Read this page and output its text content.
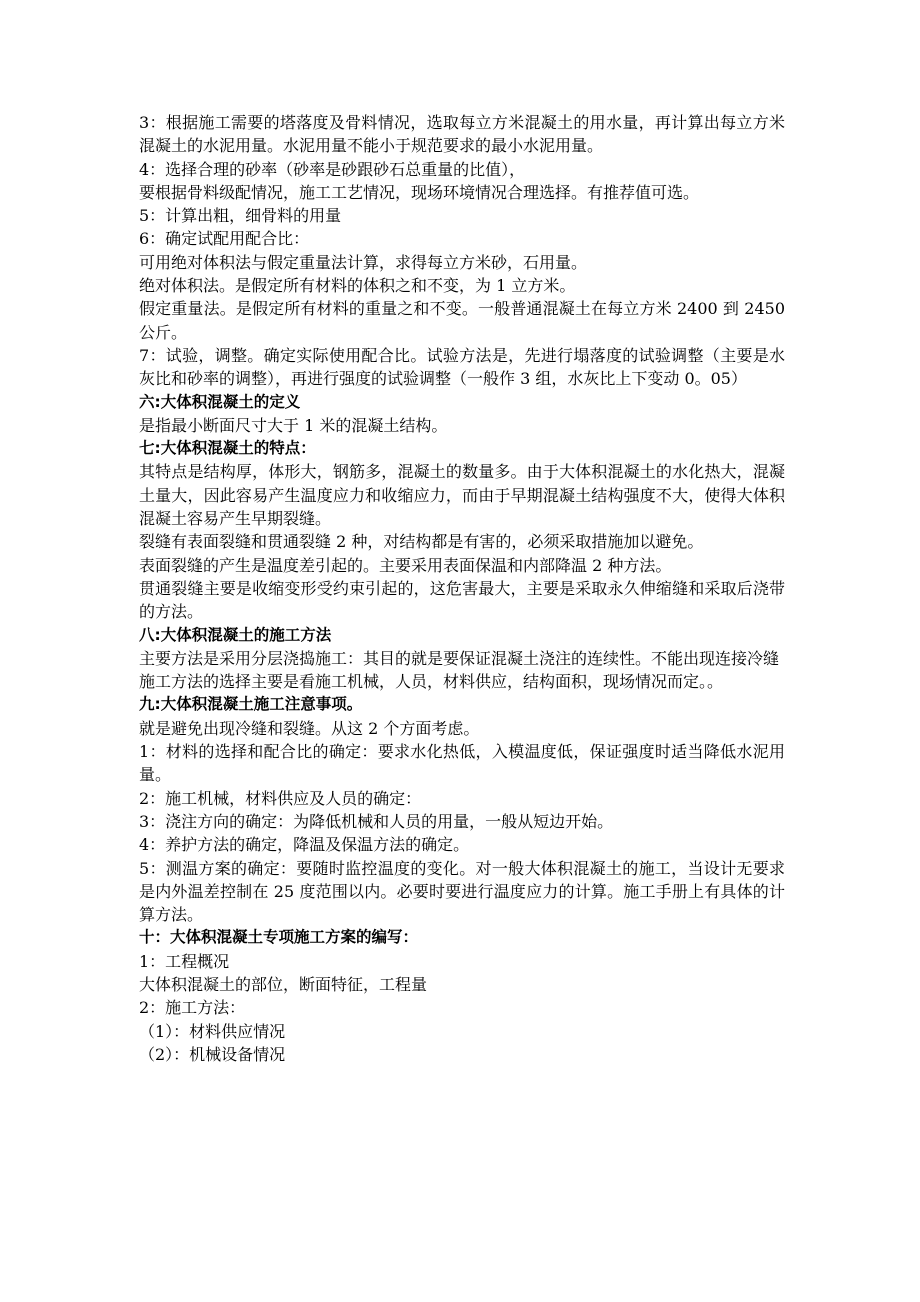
3：根据施工需要的塔落度及骨料情况，选取每立方米混凝土的用水量，再计算出每立方米混凝土的水泥用量。水泥用量不能小于规范要求的最小水泥用量。

4：选择合理的砂率（砂率是砂跟砂石总重量的比值），

要根据骨料级配情况，施工工艺情况，现场环境情况合理选择。有推荐值可选。

5：计算出粗，细骨料的用量

6：确定试配用配合比：

可用绝对体积法与假定重量法计算，求得每立方米砂，石用量。

绝对体积法。是假定所有材料的体积之和不变，为 1 立方米。

假定重量法。是假定所有材料的重量之和不变。一般普通混凝土在每立方米 2400 到 2450 公斤。

7：试验，调整。确定实际使用配合比。试验方法是，先进行塌落度的试验调整（主要是水灰比和砂率的调整），再进行强度的试验调整（一般作 3 组，水灰比上下变动 0。05）

六:大体积混凝土的定义

是指最小断面尺寸大于 1 米的混凝土结构。

七:大体积混凝土的特点：

其特点是结构厚，体形大，钢筋多，混凝土的数量多。由于大体积混凝土的水化热大，混凝土量大，因此容易产生温度应力和收缩应力，而由于早期混凝土结构强度不大，使得大体积混凝土容易产生早期裂缝。

裂缝有表面裂缝和贯通裂缝 2 种，对结构都是有害的，必须采取措施加以避免。

表面裂缝的产生是温度差引起的。主要采用表面保温和内部降温 2 种方法。

贯通裂缝主要是收缩变形受约束引起的，这危害最大，主要是采取永久伸缩缝和采取后浇带的方法。

八:大体积混凝土的施工方法

主要方法是采用分层浇捣施工：其目的就是要保证混凝土浇注的连续性。不能出现连接冷缝

施工方法的选择主要是看施工机械，人员，材料供应，结构面积，现场情况而定。。

九:大体积混凝土施工注意事项。

就是避免出现冷缝和裂缝。从这 2 个方面考虑。

1：材料的选择和配合比的确定：要求水化热低，入模温度低，保证强度时适当降低水泥用量。

2：施工机械，材料供应及人员的确定：

3：浇注方向的确定：为降低机械和人员的用量，一般从短边开始。

4：养护方法的确定，降温及保温方法的确定。

5：测温方案的确定：要随时监控温度的变化。对一般大体积混凝土的施工，当设计无要求是内外温差控制在 25 度范围以内。必要时要进行温度应力的计算。施工手册上有具体的计算方法。

十：大体积混凝土专项施工方案的编写：

1：工程概况

大体积混凝土的部位，断面特征，工程量

2：施工方法：

（1）：材料供应情况

（2）：机械设备情况
